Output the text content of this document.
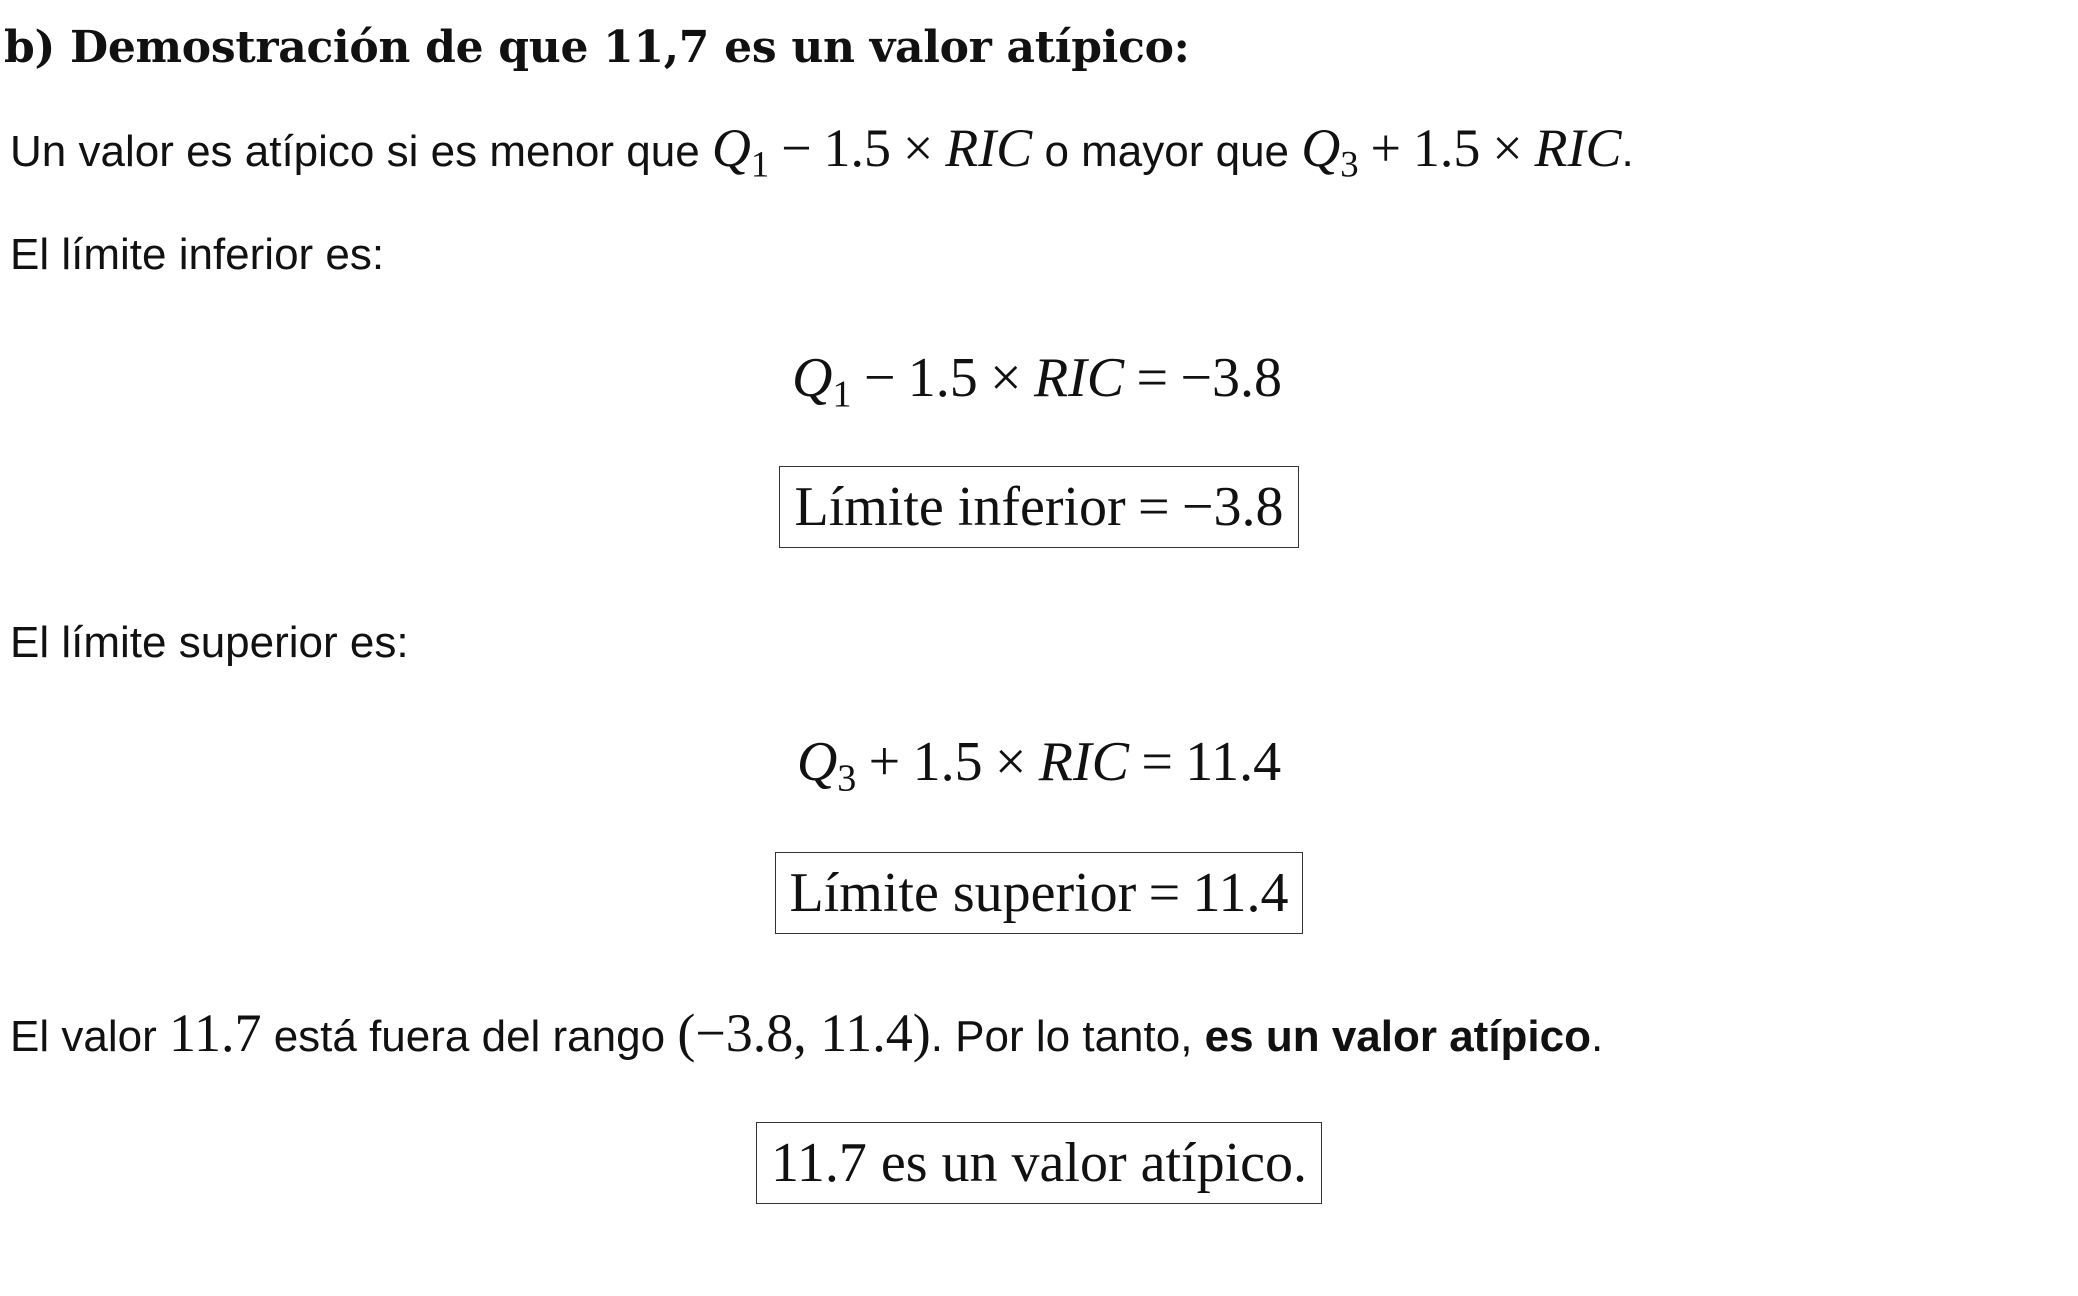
b) Demostración de que 11,7 es un valor atípico:
Un valor es atípico si es menor que $Q_1 - 1.5$ × RIC o mayor que $Q_3 + 1.5$ × RIC.
El límite inferior es:
$Q_1 - 1.5$ × RIC = −3.8
Límite inferior = −3.8
El límite superior es:
$Q_3 + 1.5$ × RIC = 11.4
Límite superior = 11.4
El valor 11.7 está fuera del rango (−3.8, 11.4). Por lo tanto, es un valor atípico.
11.7 es un valor atípico.
